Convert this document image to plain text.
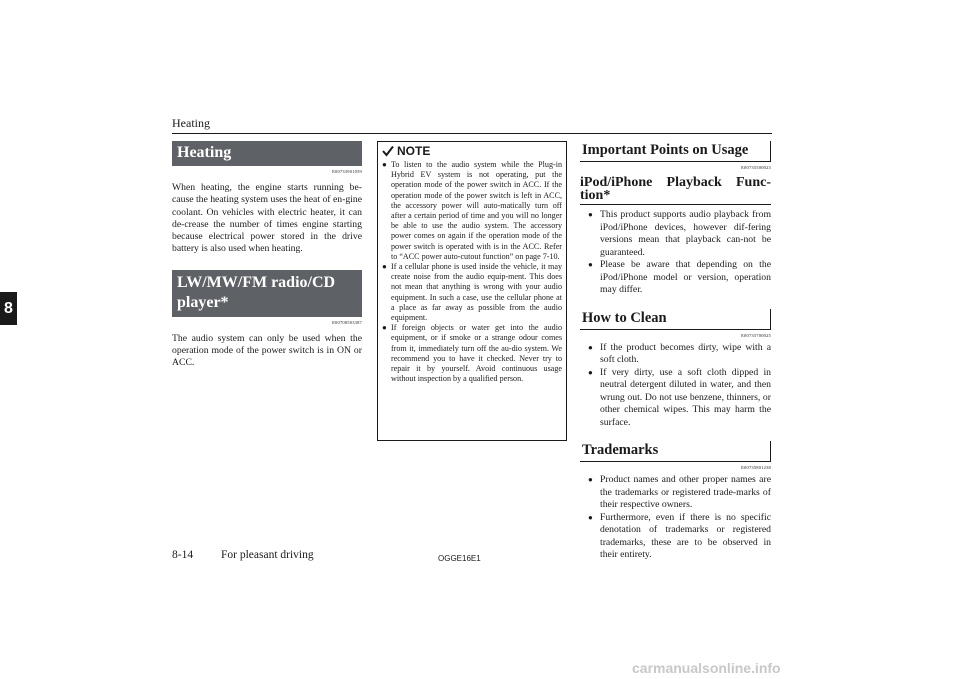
Heating
8
Heating
E00733901059

When heating, the engine starts running be-cause the heating system uses the heat of en-gine coolant. On vehicles with electric heater, it can de-crease the number of times engine starting because electrical power stored in the drive battery is also used when heating.

LW/MW/FM radio/CD player*
E00708503387

The audio system can only be used when the operation mode of the power switch is in ON or ACC.

NOTE
● To listen to the audio system while the Plug-in Hybrid EV system is not operating, put the operation mode of the power switch in ACC. If the operation mode of the power switch is left in ACC, the accessory power will auto-matically turn off after a certain period of time and you will no longer be able to use the audio system. The accessory power comes on again if the operation mode of the power switch is operated with is in the ACC. Refer to “ACC power auto-cutout function” on page 7-10.
● If a cellular phone is used inside the vehicle, it may create noise from the audio equip-ment. This does not mean that anything is wrong with your audio equipment. In such a case, use the cellular phone at a place as far away as possible from the audio equipment.
● If foreign objects or water get into the audio equipment, or if smoke or a strange odour comes from it, immediately turn off the au-dio system. We recommend you to have it checked. Never try to repair it by yourself. Avoid continuous usage without inspection by a qualified person.
Important Points on Usage
E00735500023
iPod/iPhone Playback Func-
tion*
● This product supports audio playback from iPod/iPhone devices, however dif-fering versions mean that playback can-not be guaranteed.
● Please be aware that depending on the iPod/iPhone model or version, operation may differ.
How to Clean
E00735700025
● If the product becomes dirty, wipe with a soft cloth.
● If very dirty, use a soft cloth dipped in neutral detergent diluted in water, and then wrung out. Do not use benzene, thinners, or other chemical wipes. This may harm the surface.
Trademarks
E00735801238
● Product names and other proper names are the trademarks or registered trade-marks of their respective owners.
● Furthermore, even if there is no specific denotation of trademarks or registered trademarks, these are to be observed in their entirety.
8-14 For pleasant driving	OGGE16E1
carmanualsonline.info
